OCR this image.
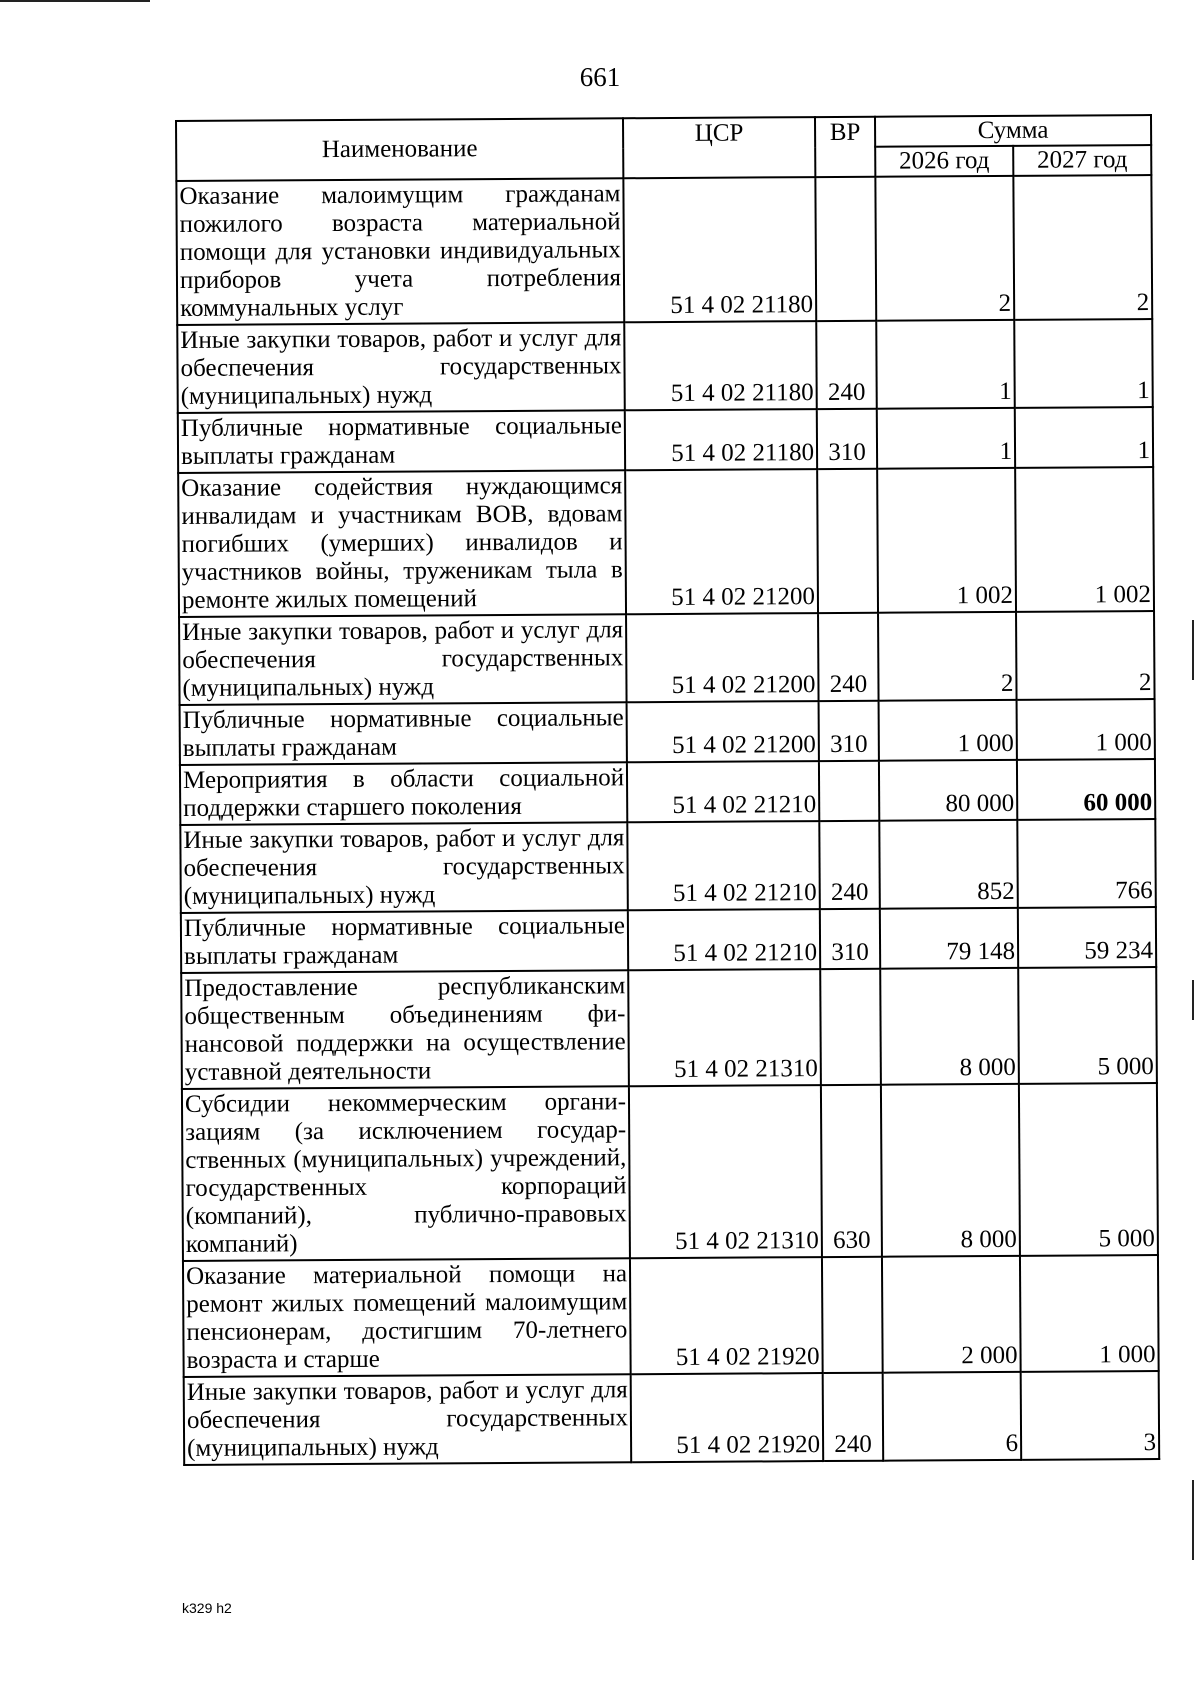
661
Наименование	ЦСР	ВР	Сумма	
			2026 год	2027 год
Оказание малоимущим гражданам пожилого возраста материальной помощи для установки индивидуальных приборов учета потребления коммунальных услуг	51 4 02 21180		2	2
Иные закупки товаров, работ и услуг для обеспечения государственных (муниципальных) нужд	51 4 02 21180	240	1	1
Публичные нормативные социальные выплаты гражданам	51 4 02 21180	310	1	1
Оказание содействия нуждающимся инвалидам и участникам ВОВ, вдовам погибших (умерших) инвалидов и участников войны, труженикам тыла в ремонте жилых помещений	51 4 02 21200		1 002	1 002
Иные закупки товаров, работ и услуг для обеспечения государственных (муниципальных) нужд	51 4 02 21200	240	2	2
Публичные нормативные социальные выплаты гражданам	51 4 02 21200	310	1 000	1 000
Мероприятия в области социальной поддержки старшего поколения	51 4 02 21210		80 000	60 000
Иные закупки товаров, работ и услуг для обеспечения государственных (муниципальных) нужд	51 4 02 21210	240	852	766
Публичные нормативные социальные выплаты гражданам	51 4 02 21210	310	79 148	59 234
Предоставление республиканским общественным объединениям финансовой поддержки на осуществление уставной деятельности	51 4 02 21310		8 000	5 000
Субсидии некоммерческим организациям (за исключением государственных (муниципальных) учреждений, государственных корпораций (компаний), публично-правовых компаний)	51 4 02 21310	630	8 000	5 000
Оказание материальной помощи на ремонт жилых помещений малоимущим пенсионерам, достигшим 70-летнего возраста и старше	51 4 02 21920		2 000	1 000
Иные закупки товаров, работ и услуг для обеспечения государственных (муниципальных) нужд	51 4 02 21920	240	6	3
k329 h2
